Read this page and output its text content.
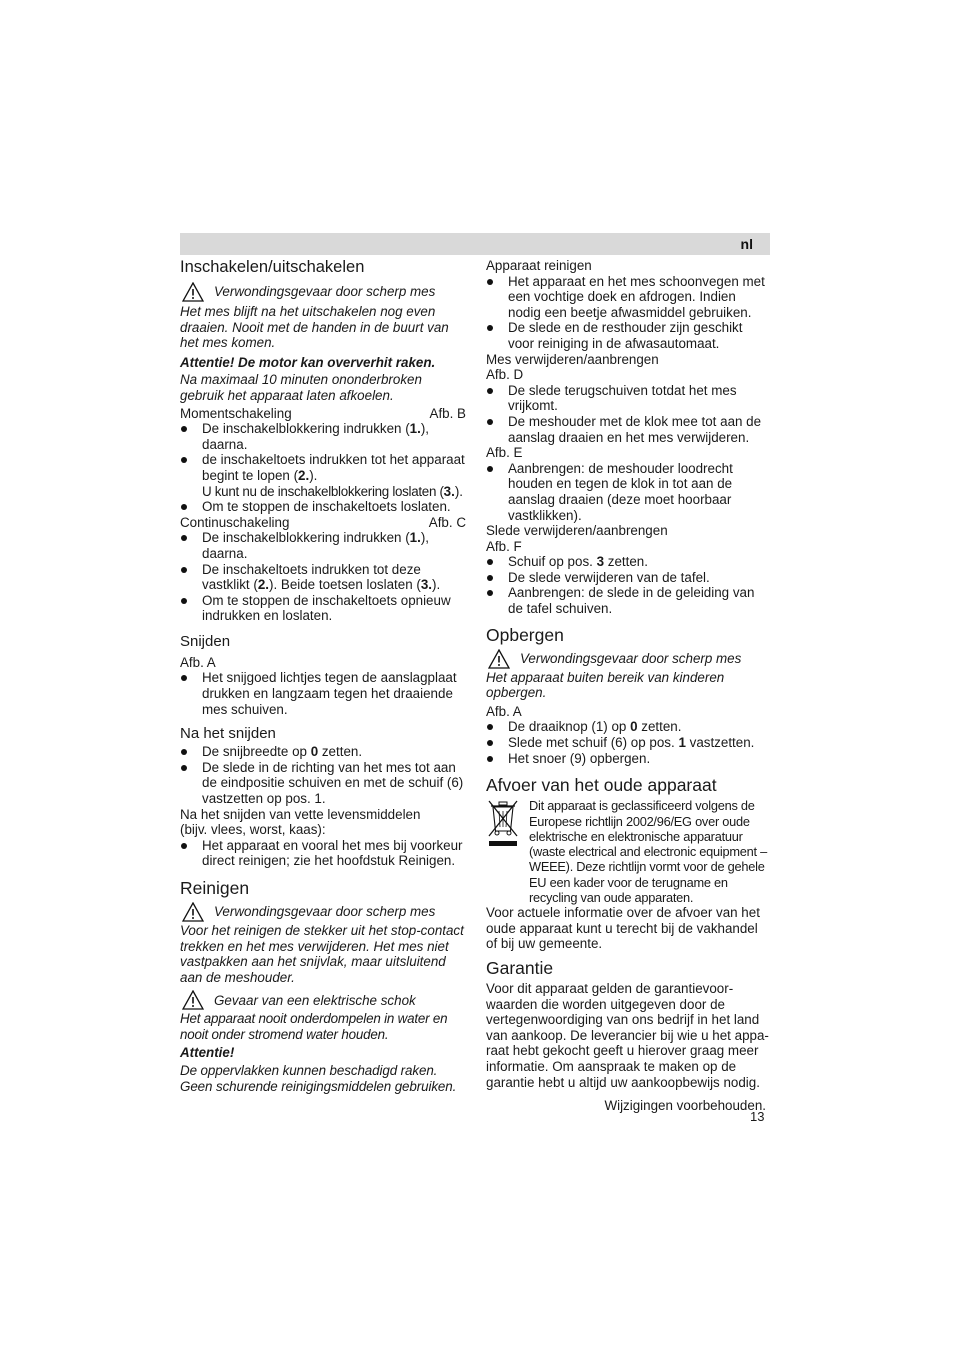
nl
Inschakelen/uitschakelen
Verwondingsgevaar door scherp mes

Het mes blijft na het uitschakelen nog even draaien. Nooit met de handen in de buurt van het mes komen.

Attentie! De motor kan oververhit raken.

Na maximaal 10 minuten ononderbroken gebruik het apparaat laten afkoelen.

Momentschakeling	Afb. B
De inschakelblokkering indrukken (1.), daarna.
de inschakeltoets indrukken tot het apparaat begint te lopen (2.).
U kunt nu de inschakelblokkering loslaten (3.).
Om te stoppen de inschakeltoets loslaten.
Continuschakeling	Afb. C
De inschakelblokkering indrukken (1.), daarna.
De inschakeltoets indrukken tot deze vastklikt (2.). Beide toetsen loslaten (3.).
Om te stoppen de inschakeltoets opnieuw indrukken en loslaten.
Snijden

Afb. A

Het snijgoed lichtjes tegen de aanslagplaat drukken en langzaam tegen het draaiende mes schuiven.
Na het snijden
De snijbreedte op 0 zetten.
De slede in de richting van het mes tot aan de eindpositie schuiven en met de schuif (6) vastzetten op pos. 1.

Na het snijden van vette levensmiddelen (bijv. vlees, worst, kaas):

Het apparaat en vooral het mes bij voorkeur direct reinigen; zie het hoofdstuk Reinigen.
Reinigen
Verwondingsgevaar door scherp mes

Voor het reinigen de stekker uit het stop-contact trekken en het mes verwijderen. Het mes niet vastpakken aan het snijvlak, maar uitsluitend aan de meshouder.

Gevaar van een elektrische schok

Het apparaat nooit onderdompelen in water en nooit onder stromend water houden.

Attentie!

De oppervlakken kunnen beschadigd raken. Geen schurende reinigingsmiddelen gebruiken.

Apparaat reinigen

Het apparaat en het mes schoonvegen met een vochtige doek en afdrogen. Indien nodig een beetje afwasmiddel gebruiken.
De slede en de resthouder zijn geschikt voor reiniging in de afwasautomaat.

Mes verwijderen/aanbrengen

Afb. D

De slede terugschuiven totdat het mes vrijkomt.
De meshouder met de klok mee tot aan de aanslag draaien en het mes verwijderen.

Afb. E

Aanbrengen: de meshouder loodrecht houden en tegen de klok in tot aan de aanslag draaien (deze moet hoorbaar vastklikken).

Slede verwijderen/aanbrengen

Afb. F

Schuif op pos. 3 zetten.
De slede verwijderen van de tafel.
Aanbrengen: de slede in de geleiding van de tafel schuiven.
Opbergen
Verwondingsgevaar door scherp mes

Het apparaat buiten bereik van kinderen opbergen.

Afb. A

De draaiknop (1) op 0 zetten.
Slede met schuif (6) op pos. 1 vastzetten.
Het snoer (9) opbergen.
Afvoer van het oude apparaat

Dit apparaat is geclassificeerd volgens de Europese richtlijn 2002/96/EG over oude elektrische en elektronische apparatuur (waste electrical and electronic equipment – WEEE). Deze richtlijn vormt voor de gehele EU een kader voor de terugname en recycling van oude apparaten.

Voor actuele informatie over de afvoer van het oude apparaat kunt u terecht bij de vakhandel of bij uw gemeente.

Garantie

Voor dit apparaat gelden de garantievoor-waarden die worden uitgegeven door de vertegenwoordiging van ons bedrijf in het land van aankoop. De leverancier bij wie u het appa-raat hebt gekocht geeft u hierover graag meer informatie. Om aanspraak te maken op de garantie hebt u altijd uw aankoopbewijs nodig.

Wijzigingen voorbehouden.

13
